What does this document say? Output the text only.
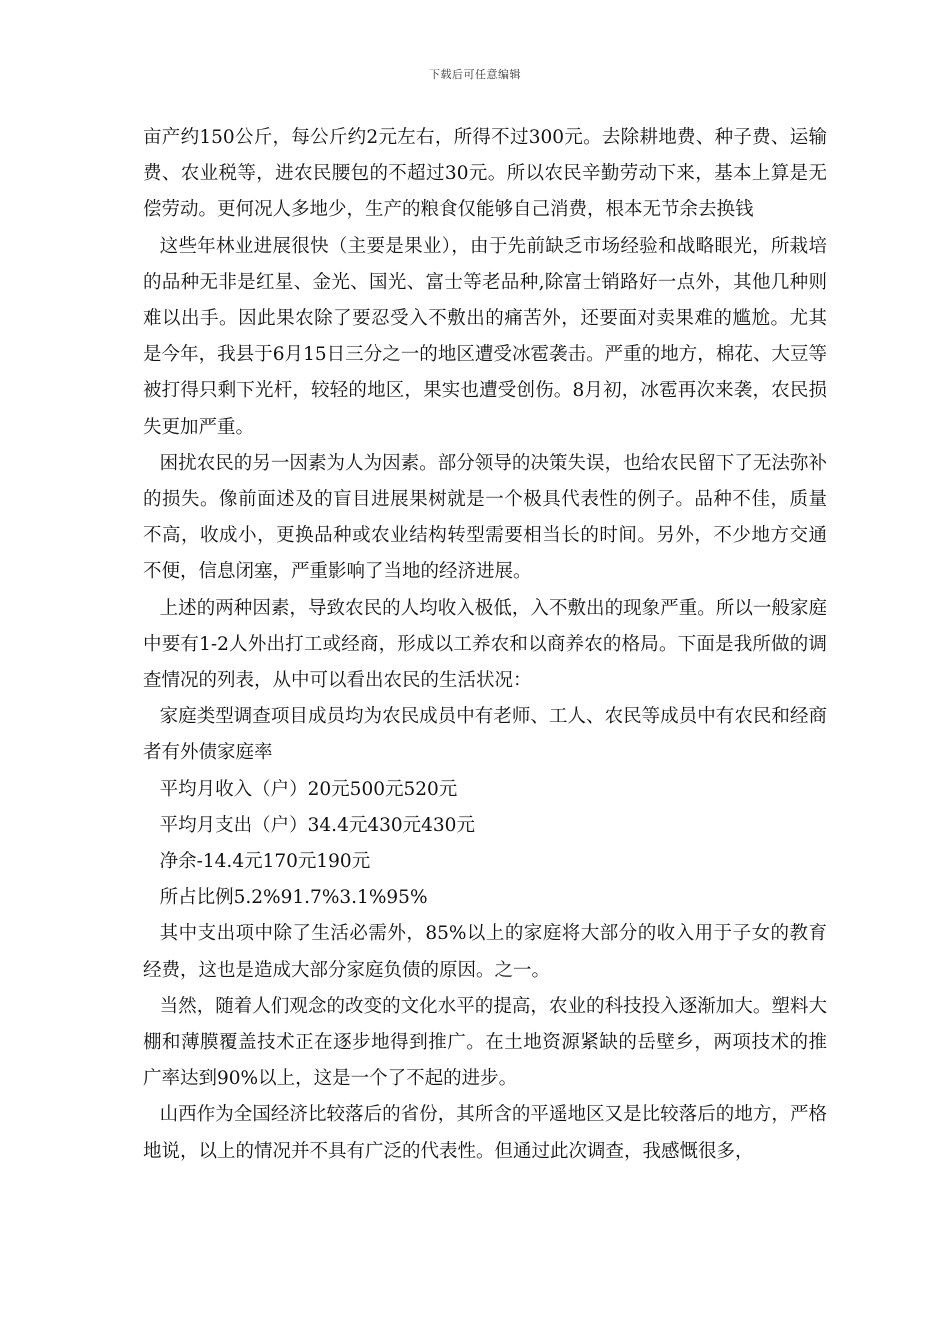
下载后可任意编辑

亩产约150公斤，每公斤约2元左右，所得不过300元。去除耕地费、种子费、运输费、农业税等，进农民腰包的不超过30元。所以农民辛勤劳动下来，基本上算是无偿劳动。更何况人多地少，生产的粮食仅能够自己消费，根本无节余去换钱

这些年林业进展很快（主要是果业），由于先前缺乏市场经验和战略眼光，所栽培的品种无非是红星、金光、国光、富士等老品种,除富士销路好一点外，其他几种则难以出手。因此果农除了要忍受入不敷出的痛苦外，还要面对卖果难的尴尬。尤其是今年，我县于6月15日三分之一的地区遭受冰雹袭击。严重的地方，棉花、大豆等被打得只剩下光杆，较轻的地区，果实也遭受创伤。8月初，冰雹再次来袭，农民损失更加严重。

困扰农民的另一因素为人为因素。部分领导的决策失误，也给农民留下了无法弥补的损失。像前面述及的盲目进展果树就是一个极具代表性的例子。品种不佳，质量不高，收成小，更换品种或农业结构转型需要相当长的时间。另外，不少地方交通不便，信息闭塞，严重影响了当地的经济进展。

上述的两种因素，导致农民的人均收入极低，入不敷出的现象严重。所以一般家庭中要有1-2人外出打工或经商，形成以工养农和以商养农的格局。下面是我所做的调查情况的列表，从中可以看出农民的生活状况：

家庭类型调查项目成员均为农民成员中有老师、工人、农民等成员中有农民和经商者有外债家庭率

平均月收入（户）20元500元520元

平均月支出（户）34.4元430元430元

净余-14.4元170元190元

所占比例5.2%91.7%3.1%95%

其中支出项中除了生活必需外，85%以上的家庭将大部分的收入用于子女的教育经费，这也是造成大部分家庭负债的原因。之一。

当然，随着人们观念的改变的文化水平的提高，农业的科技投入逐渐加大。塑料大棚和薄膜覆盖技术正在逐步地得到推广。在土地资源紧缺的岳壁乡，两项技术的推广率达到90%以上，这是一个了不起的进步。

山西作为全国经济比较落后的省份，其所含的平遥地区又是比较落后的地方，严格地说，以上的情况并不具有广泛的代表性。但通过此次调查，我感慨很多，
